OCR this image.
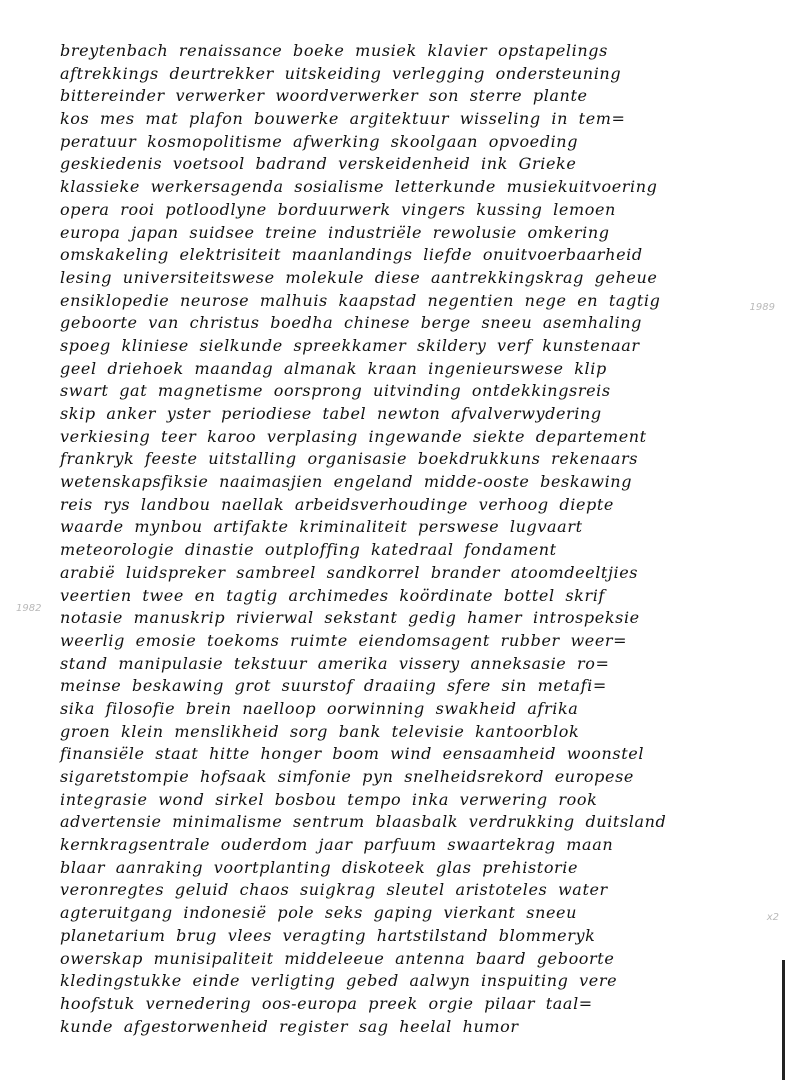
breytenbach renaissance boeke musiek klavier opstapelings
aftrekkings deurtrekker uitskeiding verlegging ondersteuning
bittereinder verwerker woordverwerker son sterre plante
kos mes mat plafon bouwerke argitektuur wisseling in tem=
peratuur kosmopolitisme afwerking skoolgaan opvoeding
geskiedenis voetsool badrand verskeidenheid ink Grieke
klassieke werkersagenda sosialisme letterkunde musiekuitvoering
opera rooi potloodlyne borduurwerk vingers kussing lemoen
europa japan suidsee treine industriële rewolusie omkering
omskakeling elektrisiteit maanlandings liefde onuitvoerbaarheid
lesing universiteitswese molekule diese aantrekkingskrag geheue
ensiklopedie neurose malhuis kaapstad negentien nege en tagtig
geboorte van christus boedha chinese berge sneeu asemhaling
spoeg kliniese sielkunde spreekkamer skildery verf kunstenaar
geel driehoek maandag almanak kraan ingenieurswese klip
swart gat magnetisme oorsprong uitvinding ontdekkingsreis
skip anker yster periodiese tabel newton afvalverwydering
verkiesing teer karoo verplasing ingewande siekte departement
frankryk feeste uitstalling organisasie boekdrukkuns rekenaars
wetenskapsfiksie naaimasjien engeland midde-ooste beskawing
reis rys landbou naellak arbeidsverhoudinge verhoog diepte
waarde mynbou artifakte kriminaliteit perswese lugvaart
meteorologie dinastie outploffing katedraal fondament
arabië luidspreker sambreel sandkorrel brander atoomdeeltjies
veertien twee en tagtig archimedes koördinate bottel skrif
notasie manuskrip rivierwal sekstant gedig hamer introspeksie
weerlig emosie toekoms ruimte eiendomsagent rubber weer=
stand manipulasie tekstuur amerika vissery anneksasie ro=
meinse beskawing grot suurstof draaiing sfere sin metafi=
sika filosofie brein naelloop oorwinning swakheid afrika
groen klein menslikheid sorg bank televisie kantoorblok
finansiële staat hitte honger boom wind eensaamheid woonstel
sigaretstompie hofsaak simfonie pyn snelheidsrekord europese
integrasie wond sirkel bosbou tempo inka verwering rook
advertensie minimalisme sentrum blaasbalk verdrukking duitsland
kernkragsentrale ouderdom jaar parfuum swaartekrag maan
blaar aanraking voortplanting diskoteek glas prehistorie
veronregtes geluid chaos suigkrag sleutel aristoteles water
agteruitgang indonesië pole seks gaping vierkant sneeu
planetarium brug vlees veragting hartstilstand blommeryk
owerskap munisipaliteit middeleeue antenna baard geboorte
kledingstukke einde verligting gebed aalwyn inspuiting vere
hoofstuk vernedering oos-europa preek orgie pilaar taal=
kunde afgestorwenheid register sag heelal humor
1989
1982
x2
